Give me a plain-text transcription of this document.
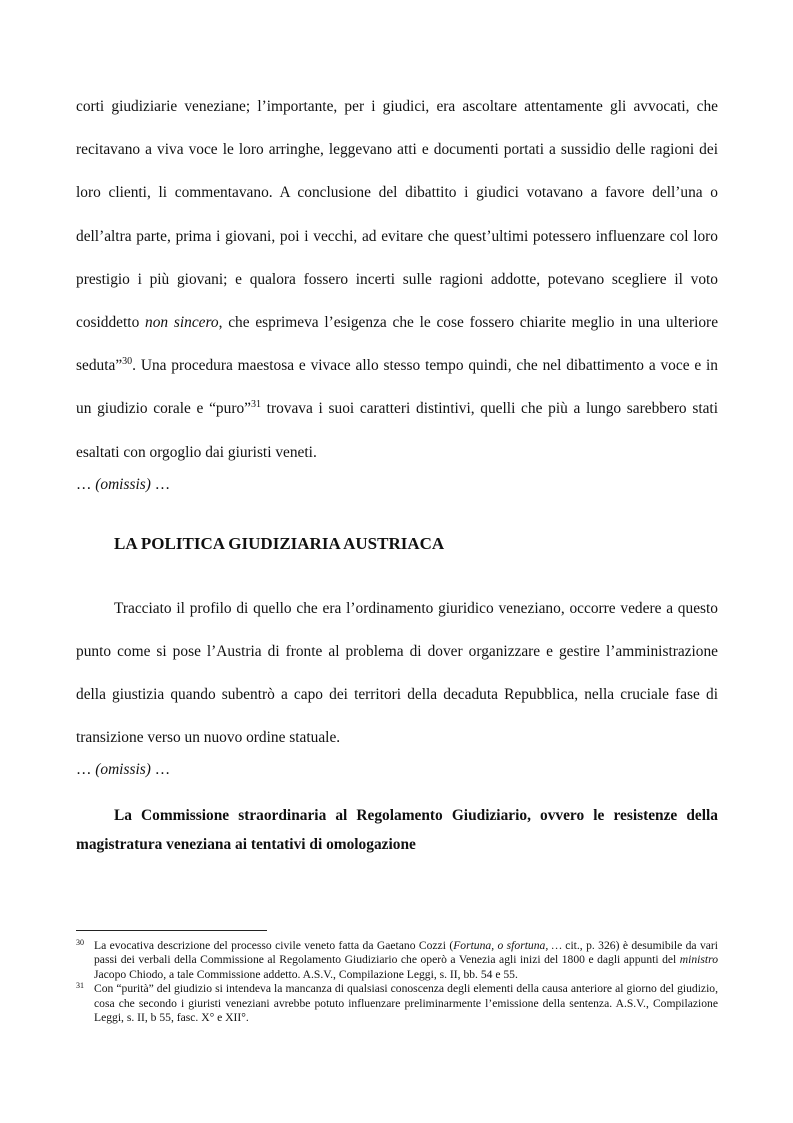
corti giudiziarie veneziane; l’importante, per i giudici, era ascoltare attentamente gli avvocati, che recitavano a viva voce le loro arringhe, leggevano atti e documenti portati a sussidio delle ragioni dei loro clienti, li commentavano. A conclusione del dibattito i giudici votavano a favore dell’una o dell’altra parte, prima i giovani, poi i vecchi, ad evitare che quest’ultimi potessero influenzare col loro prestigio i più giovani; e qualora fossero incerti sulle ragioni addotte, potevano scegliere il voto cosiddetto non sincero, che esprimeva l’esigenza che le cose fossero chiarite meglio in una ulteriore seduta”$^{30}$. Una procedura maestosa e vivace allo stesso tempo quindi, che nel dibattimento a voce e in un giudizio corale e “puro”$^{31}$ trovava i suoi caratteri distintivi, quelli che più a lungo sarebbero stati esaltati con orgoglio dai giuristi veneti.

… (omissis) …

LA POLITICA GIUDIZIARIA AUSTRIACA

Tracciato il profilo di quello che era l’ordinamento giuridico veneziano, occorre vedere a questo punto come si pose l’Austria di fronte al problema di dover organizzare e gestire l’amministrazione della giustizia quando subentrò a capo dei territori della decaduta Repubblica, nella cruciale fase di transizione verso un nuovo ordine statuale.

… (omissis) …

La Commissione straordinaria al Regolamento Giudiziario, ovvero le resistenze della magistratura veneziana ai tentativi di omologazione

30 La evocativa descrizione del processo civile veneto fatta da Gaetano Cozzi (Fortuna, o sfortuna, … cit., p. 326) è desumibile da vari passi dei verbali della Commissione al Regolamento Giudiziario che operò a Venezia agli inizi del 1800 e dagli appunti del ministro Jacopo Chiodo, a tale Commissione addetto. A.S.V., Compilazione Leggi, s. II, bb. 54 e 55.

31 Con “purità” del giudizio si intendeva la mancanza di qualsiasi conoscenza degli elementi della causa anteriore al giorno del giudizio, cosa che secondo i giuristi veneziani avrebbe potuto influenzare preliminarmente l’emissione della sentenza. A.S.V., Compilazione Leggi, s. II, b 55, fasc. X° e XII°.
